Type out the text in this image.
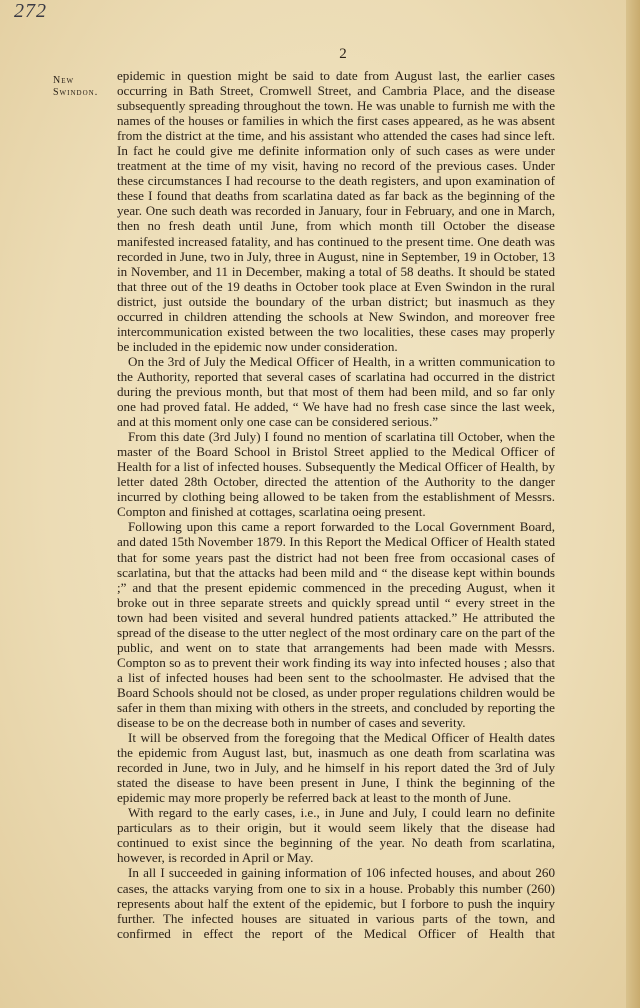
272
2
New
Swindon.

epidemic in question might be said to date from August last, the earlier cases occurring in Bath Street, Cromwell Street, and Cambria Place, and the disease subsequently spreading throughout the town. He was unable to furnish me with the names of the houses or families in which the first cases appeared, as he was absent from the district at the time, and his assistant who attended the cases had since left. In fact he could give me definite information only of such cases as were under treatment at the time of my visit, having no record of the previous cases. Under these circumstances I had recourse to the death registers, and upon examination of these I found that deaths from scarlatina dated as far back as the beginning of the year. One such death was recorded in January, four in February, and one in March, then no fresh death until June, from which month till October the disease manifested increased fatality, and has continued to the present time. One death was recorded in June, two in July, three in August, nine in September, 19 in October, 13 in November, and 11 in December, making a total of 58 deaths. It should be stated that three out of the 19 deaths in October took place at Even Swindon in the rural district, just outside the boundary of the urban district; but inasmuch as they occurred in children attending the schools at New Swindon, and moreover free intercommunication existed between the two localities, these cases may properly be included in the epidemic now under consideration.

On the 3rd of July the Medical Officer of Health, in a written communication to the Authority, reported that several cases of scarlatina had occurred in the district during the previous month, but that most of them had been mild, and so far only one had proved fatal. He added, “ We have had no fresh case since the last week, and at this moment only one case can be considered serious.”

From this date (3rd July) I found no mention of scarlatina till October, when the master of the Board School in Bristol Street applied to the Medical Officer of Health for a list of infected houses. Subsequently the Medical Officer of Health, by letter dated 28th October, directed the attention of the Authority to the danger incurred by clothing being allowed to be taken from the establishment of Messrs. Compton and finished at cottages, scarlatina oeing present.

Following upon this came a report forwarded to the Local Government Board, and dated 15th November 1879. In this Report the Medical Officer of Health stated that for some years past the district had not been free from occasional cases of scarlatina, but that the attacks had been mild and “ the disease kept within bounds ;” and that the present epidemic commenced in the preceding August, when it broke out in three separate streets and quickly spread until “ every street in the town had been visited and several hundred patients attacked.” He attributed the spread of the disease to the utter neglect of the most ordinary care on the part of the public, and went on to state that arrangements had been made with Messrs. Compton so as to prevent their work finding its way into infected houses ; also that a list of infected houses had been sent to the schoolmaster. He advised that the Board Schools should not be closed, as under proper regulations children would be safer in them than mixing with others in the streets, and concluded by reporting the disease to be on the decrease both in number of cases and severity.

It will be observed from the foregoing that the Medical Officer of Health dates the epidemic from August last, but, inasmuch as one death from scarlatina was recorded in June, two in July, and he himself in his report dated the 3rd of July stated the disease to have been present in June, I think the beginning of the epidemic may more properly be referred back at least to the month of June.

With regard to the early cases, i.e., in June and July, I could learn no definite particulars as to their origin, but it would seem likely that the disease had continued to exist since the beginning of the year. No death from scarlatina, however, is recorded in April or May.

In all I succeeded in gaining information of 106 infected houses, and about 260 cases, the attacks varying from one to six in a house. Probably this number (260) represents about half the extent of the epidemic, but I forbore to push the inquiry further. The infected houses are situated in various parts of the town, and confirmed in effect the report of the Medical Officer of Health that
